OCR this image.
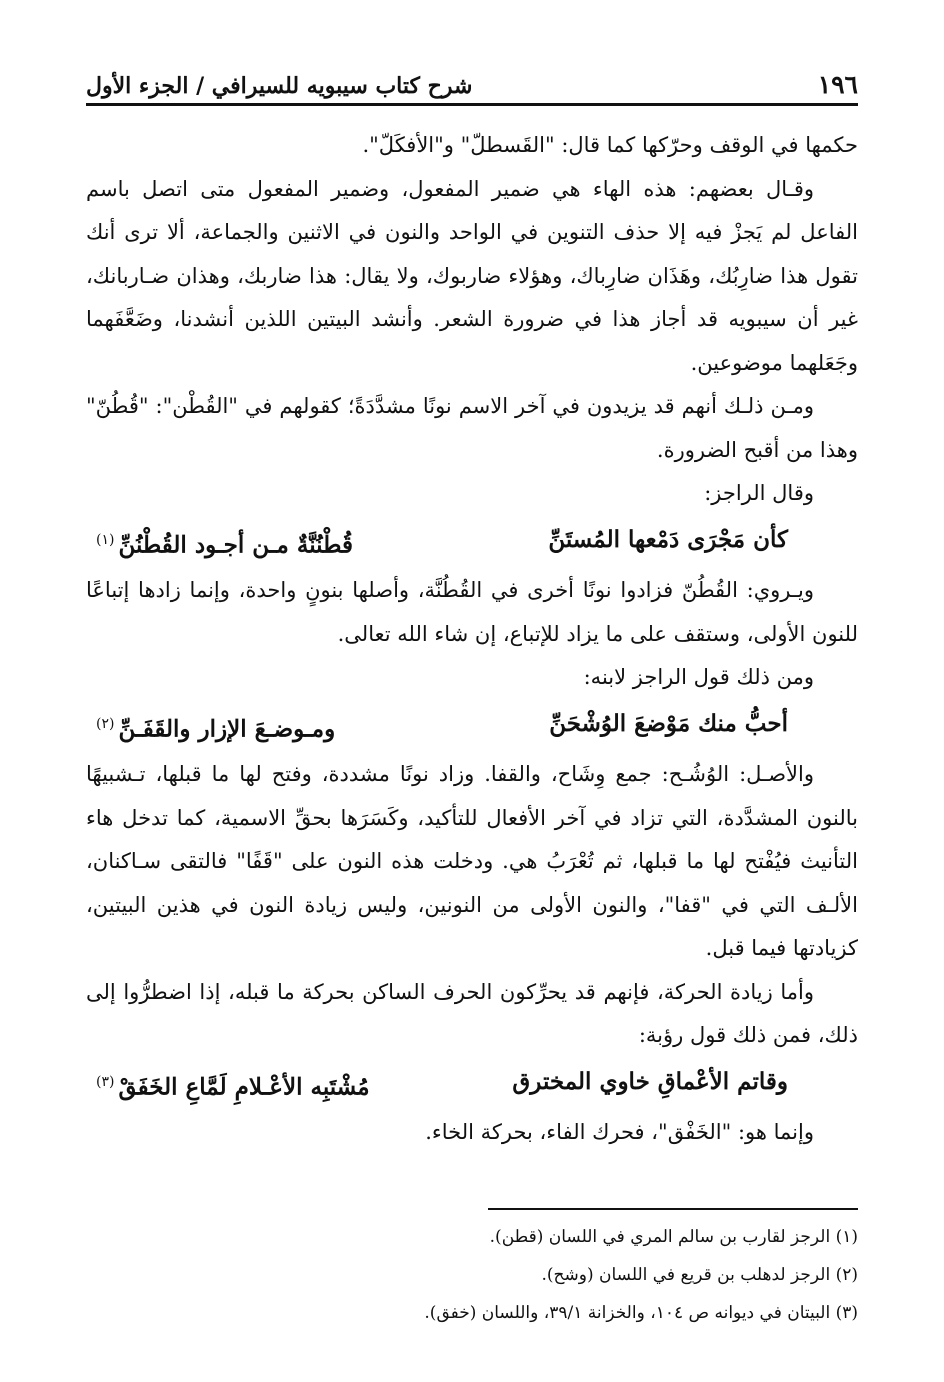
١٩٦
شرح كتاب سيبويه للسيرافي / الجزء الأول

حكمها في الوقف وحرّكها كما قال: "القَسطلّ" و"الأفكَلّ".

وقـال بعضهم: هذه الهاء هي ضمير المفعول، وضمير المفعول متى اتصل باسم الفاعل لم يَجزْ فيه إلا حذف التنوين في الواحد والنون في الاثنين والجماعة، ألا ترى أنك تقول هذا ضارِبُك، وهَذَان ضارِباك، وهؤلاء ضاربوك، ولا يقال: هذا ضاربك، وهذان ضـاربانك، غير أن سيبويه قد أجاز هذا في ضرورة الشعر. وأنشد البيتين اللذين أنشدنا، وضَعَّفَهما وجَعَلهما موضوعين.

ومـن ذلـك أنهم قد يزيدون في آخر الاسم نونًا مشدَّدَةً؛ كقولهم في "القُطْن": "قُطُنّ" وهذا من أقبح الضرورة.

وقال الراجز:

كأن مَجْرَى دَمْعها المُستَنِّ
قُطْنُنَّةٌ مـن أجـود القُطْنُنِّ$^{(١)}$

ويـروي: القُطُنّ فزادوا نونًا أخرى في القُطُنَّة، وأصلها بنونٍ واحدة، وإنما زادها إتباعًا للنون الأولى، وستقف على ما يزاد للإتباع، إن شاء الله تعالى.

ومن ذلك قول الراجز لابنه:

أحبُّ منك مَوْضعَ الوُشْحَنِّ
ومـوضـعَ الإزار والقَفَـنِّ$^{(٢)}$

والأصـل: الوُشُـح: جمع وِشَاح، والقفا. وزاد نونًا مشددة، وفتح لها ما قبلها، تـشبيهًا بالنون المشدَّدة، التي تزاد في آخر الأفعال للتأكيد، وكَسَرَها بحقِّ الاسمية، كما تدخل هاء التأنيث فيُفْتح لها ما قبلها، ثم تُعْرَبُ هي. ودخلت هذه النون على "قَفًا" فالتقى سـاكنان، الألـف التي في "قفا"، والنون الأولى من النونين، وليس زيادة النون في هذين البيتين، كزيادتها فيما قبل.

وأما زيادة الحركة، فإنهم قد يحرِّكون الحرف الساكن بحركة ما قبله، إذا اضطرُّوا إلى ذلك، فمن ذلك قول رؤبة:

وقاتم الأعْماقِ خاوي المخترق
مُشْتَبِه الأعْـلامِ لَمَّاعِ الخَفَقْ$^{(٣)}$

وإنما هو: "الخَفْق"، فحرك الفاء، بحركة الخاء.

(١) الرجز لقارب بن سالم المري في اللسان (قطن).

(٢) الرجز لدهلب بن قريع في اللسان (وشح).

(٣) البيتان في ديوانه ص ١٠٤، والخزانة ٣٩/١، واللسان (خفق).
